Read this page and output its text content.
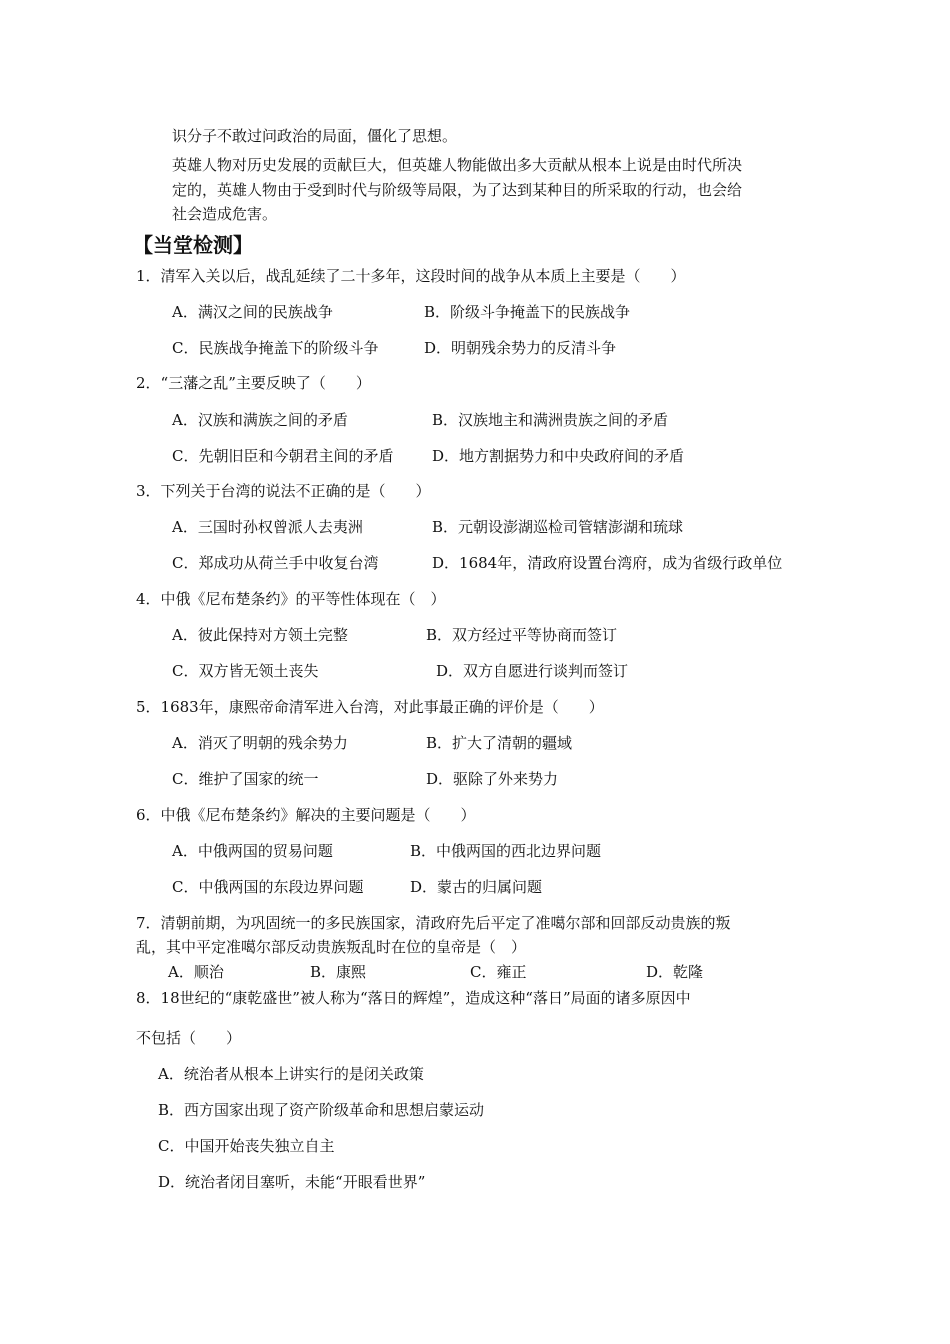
识分子不敢过问政治的局面，僵化了思想。
英雄人物对历史发展的贡献巨大，但英雄人物能做出多大贡献从根本上说是由时代所决
定的，英雄人物由于受到时代与阶级等局限，为了达到某种目的所采取的行动，也会给
社会造成危害。
【当堂检测】
1．清军入关以后，战乱延续了二十多年，这段时间的战争从本质上主要是（　　）
A．满汉之间的民族战争	B．阶级斗争掩盖下的民族战争
C．民族战争掩盖下的阶级斗争	D．明朝残余势力的反清斗争
2．“三藩之乱”主要反映了（　　）
A．汉族和满族之间的矛盾	B．汉族地主和满洲贵族之间的矛盾
C．先朝旧臣和今朝君主间的矛盾	D．地方割据势力和中央政府间的矛盾
3．下列关于台湾的说法不正确的是（　　）
A．三国时孙权曾派人去夷洲	B．元朝设澎湖巡检司管辖澎湖和琉球
C．郑成功从荷兰手中收复台湾	D．1684年，清政府设置台湾府，成为省级行政单位
4．中俄《尼布楚条约》的平等性体现在（　）
A．彼此保持对方领土完整	B．双方经过平等协商而签订
C．双方皆无领土丧失	D．双方自愿进行谈判而签订
5．1683年，康熙帝命清军进入台湾，对此事最正确的评价是（　　）
A．消灭了明朝的残余势力	B．扩大了清朝的疆域
C．维护了国家的统一	D．驱除了外来势力
6．中俄《尼布楚条约》解决的主要问题是（　　）
A．中俄两国的贸易问题	B．中俄两国的西北边界问题
C．中俄两国的东段边界问题	D．蒙古的归属问题
7．清朝前期，为巩固统一的多民族国家，清政府先后平定了准噶尔部和回部反动贵族的叛
乱，其中平定准噶尔部反动贵族叛乱时在位的皇帝是（　）
A．顺治	B．康熙	C．雍正	D．乾隆
8．18世纪的“康乾盛世”被人称为“落日的辉煌”，造成这种“落日”局面的诸多原因中
不包括（　　）
A．统治者从根本上讲实行的是闭关政策
B．西方国家出现了资产阶级革命和思想启蒙运动
C．中国开始丧失独立自主
D．统治者闭目塞听，未能“开眼看世界”
